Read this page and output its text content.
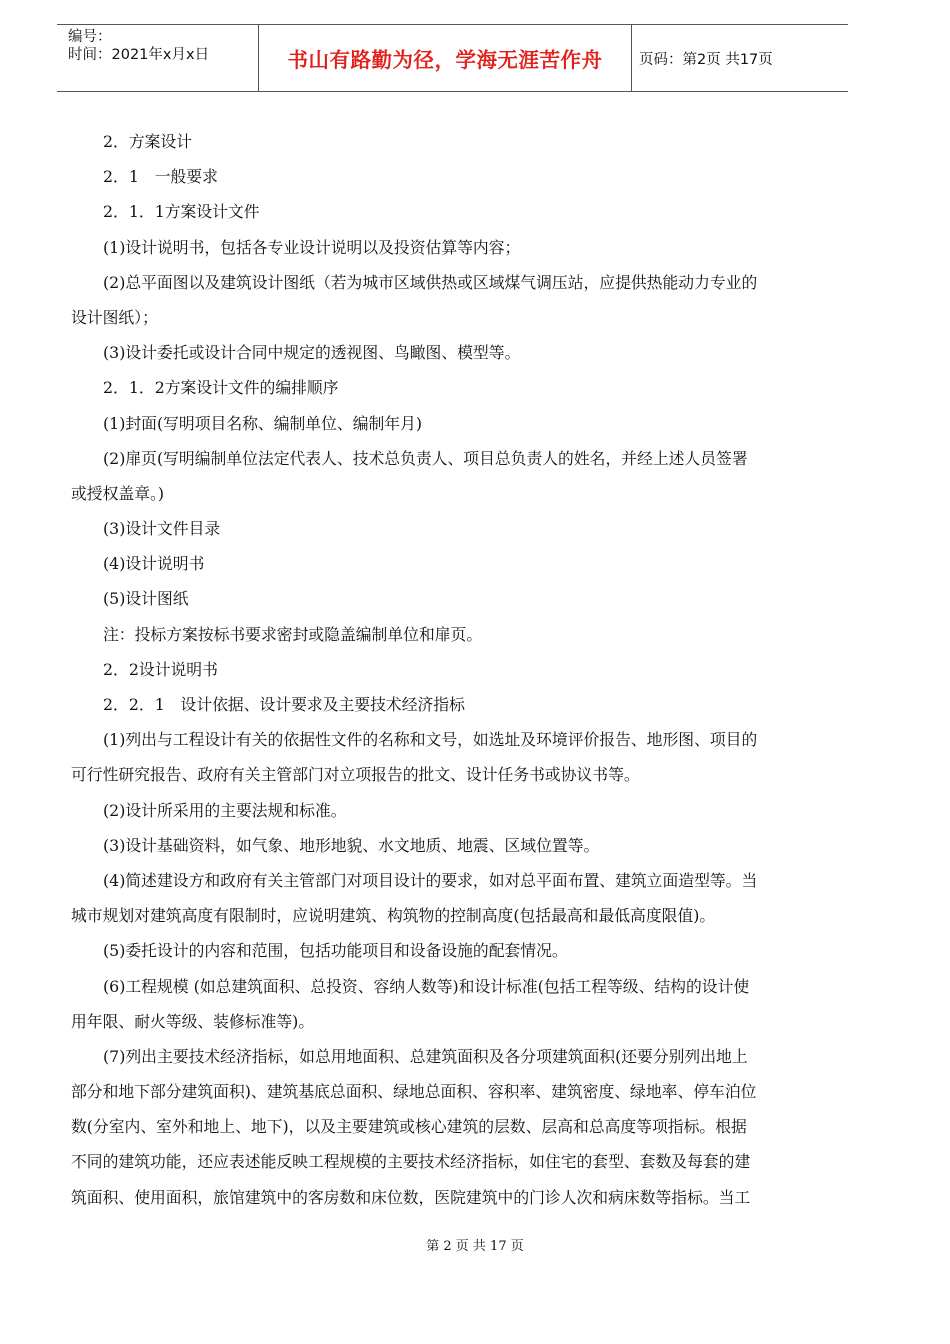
编号：
时间：2021年x月x日	书山有路勤为径，学海无涯苦作舟	页码：第2页 共17页
2．方案设计
2．1　一般要求
2．1．1方案设计文件
(1)设计说明书，包括各专业设计说明以及投资估算等内容；
(2)总平面图以及建筑设计图纸（若为城市区域供热或区域煤气调压站，应提供热能动力专业的
设计图纸）；
(3)设计委托或设计合同中规定的透视图、鸟瞰图、模型等。
2．1．2方案设计文件的编排顺序
(1)封面(写明项目名称、编制单位、编制年月)
(2)扉页(写明编制单位法定代表人、技术总负责人、项目总负责人的姓名，并经上述人员签署
或授权盖章。)
(3)设计文件目录
(4)设计说明书
(5)设计图纸
注：投标方案按标书要求密封或隐盖编制单位和扉页。
2．2设计说明书
2．2．1　设计依据、设计要求及主要技术经济指标
(1)列出与工程设计有关的依据性文件的名称和文号，如选址及环境评价报告、地形图、项目的
可行性研究报告、政府有关主管部门对立项报告的批文、设计任务书或协议书等。
(2)设计所采用的主要法规和标准。
(3)设计基础资料，如气象、地形地貌、水文地质、地震、区域位置等。
(4)简述建设方和政府有关主管部门对项目设计的要求，如对总平面布置、建筑立面造型等。当
城市规划对建筑高度有限制时，应说明建筑、构筑物的控制高度(包括最高和最低高度限值)。
(5)委托设计的内容和范围，包括功能项目和设备设施的配套情况。
(6)工程规模 (如总建筑面积、总投资、容纳人数等)和设计标准(包括工程等级、结构的设计使
用年限、耐火等级、装修标准等)。
(7)列出主要技术经济指标，如总用地面积、总建筑面积及各分项建筑面积(还要分别列出地上
部分和地下部分建筑面积)、建筑基底总面积、绿地总面积、容积率、建筑密度、绿地率、停车泊位
数(分室内、室外和地上、地下)，以及主要建筑或核心建筑的层数、层高和总高度等项指标。根据
不同的建筑功能，还应表述能反映工程规模的主要技术经济指标，如住宅的套型、套数及每套的建
筑面积、使用面积，旅馆建筑中的客房数和床位数，医院建筑中的门诊人次和病床数等指标。当工
第 2 页 共 17 页
